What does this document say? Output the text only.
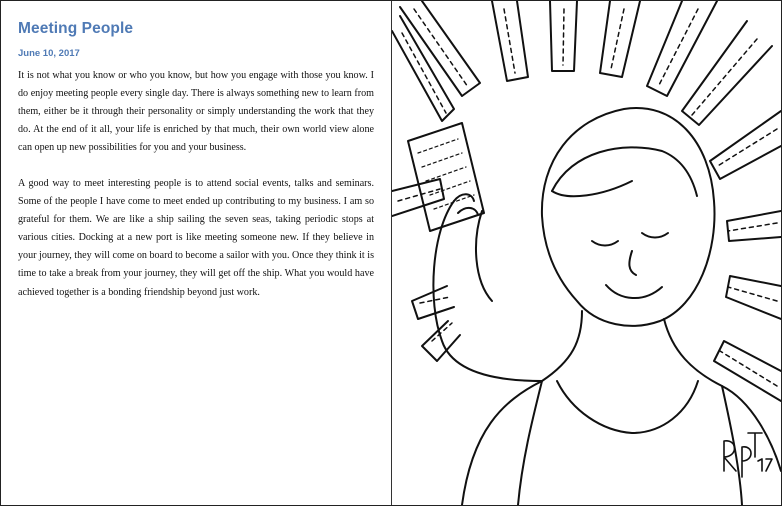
Meeting People
June 10, 2017

It is not what you know or who you know, but how you engage with those you know. I do enjoy meeting people every single day. There is always something new to learn from them, either be it through their personality or simply understanding the work that they do. At the end of it all, your life is enriched by that much, their own world view alone can open up new possibilities for you and your business.

A good way to meet interesting people is to attend social events, talks and seminars. Some of the people I have come to meet ended up contributing to my business. I am so grateful for them. We are like a ship sailing the seven seas, taking periodic stops at various cities. Docking at a new port is like meeting someone new. If they believe in your journey, they will come on board to become a sailor with you. Once they think it is time to take a break from your journey, they will get off the ship. What you would have achieved together is a bonding friendship beyond just work.
